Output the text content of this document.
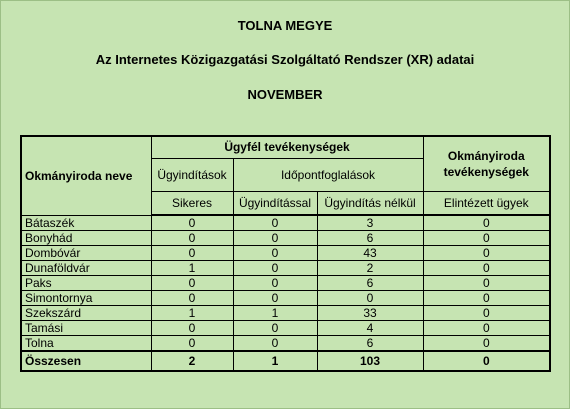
TOLNA MEGYE
Az Internetes Közigazgatási Szolgáltató Rendszer (XR) adatai
NOVEMBER
Okmányiroda neve	Ügyfél tevékenységek			Okmányiroda tevékenységek
	Ügyindítások	Időpontfoglalások		
	Sikeres	Ügyindítással	Ügyindítás nélkül	Elintézett ügyek
Bátaszék	0	0	3	0
Bonyhád	0	0	6	0
Dombóvár	0	0	43	0
Dunaföldvár	1	0	2	0
Paks	0	0	6	0
Simontornya	0	0	0	0
Szekszárd	1	1	33	0
Tamási	0	0	4	0
Tolna	0	0	6	0
Összesen	2	1	103	0
